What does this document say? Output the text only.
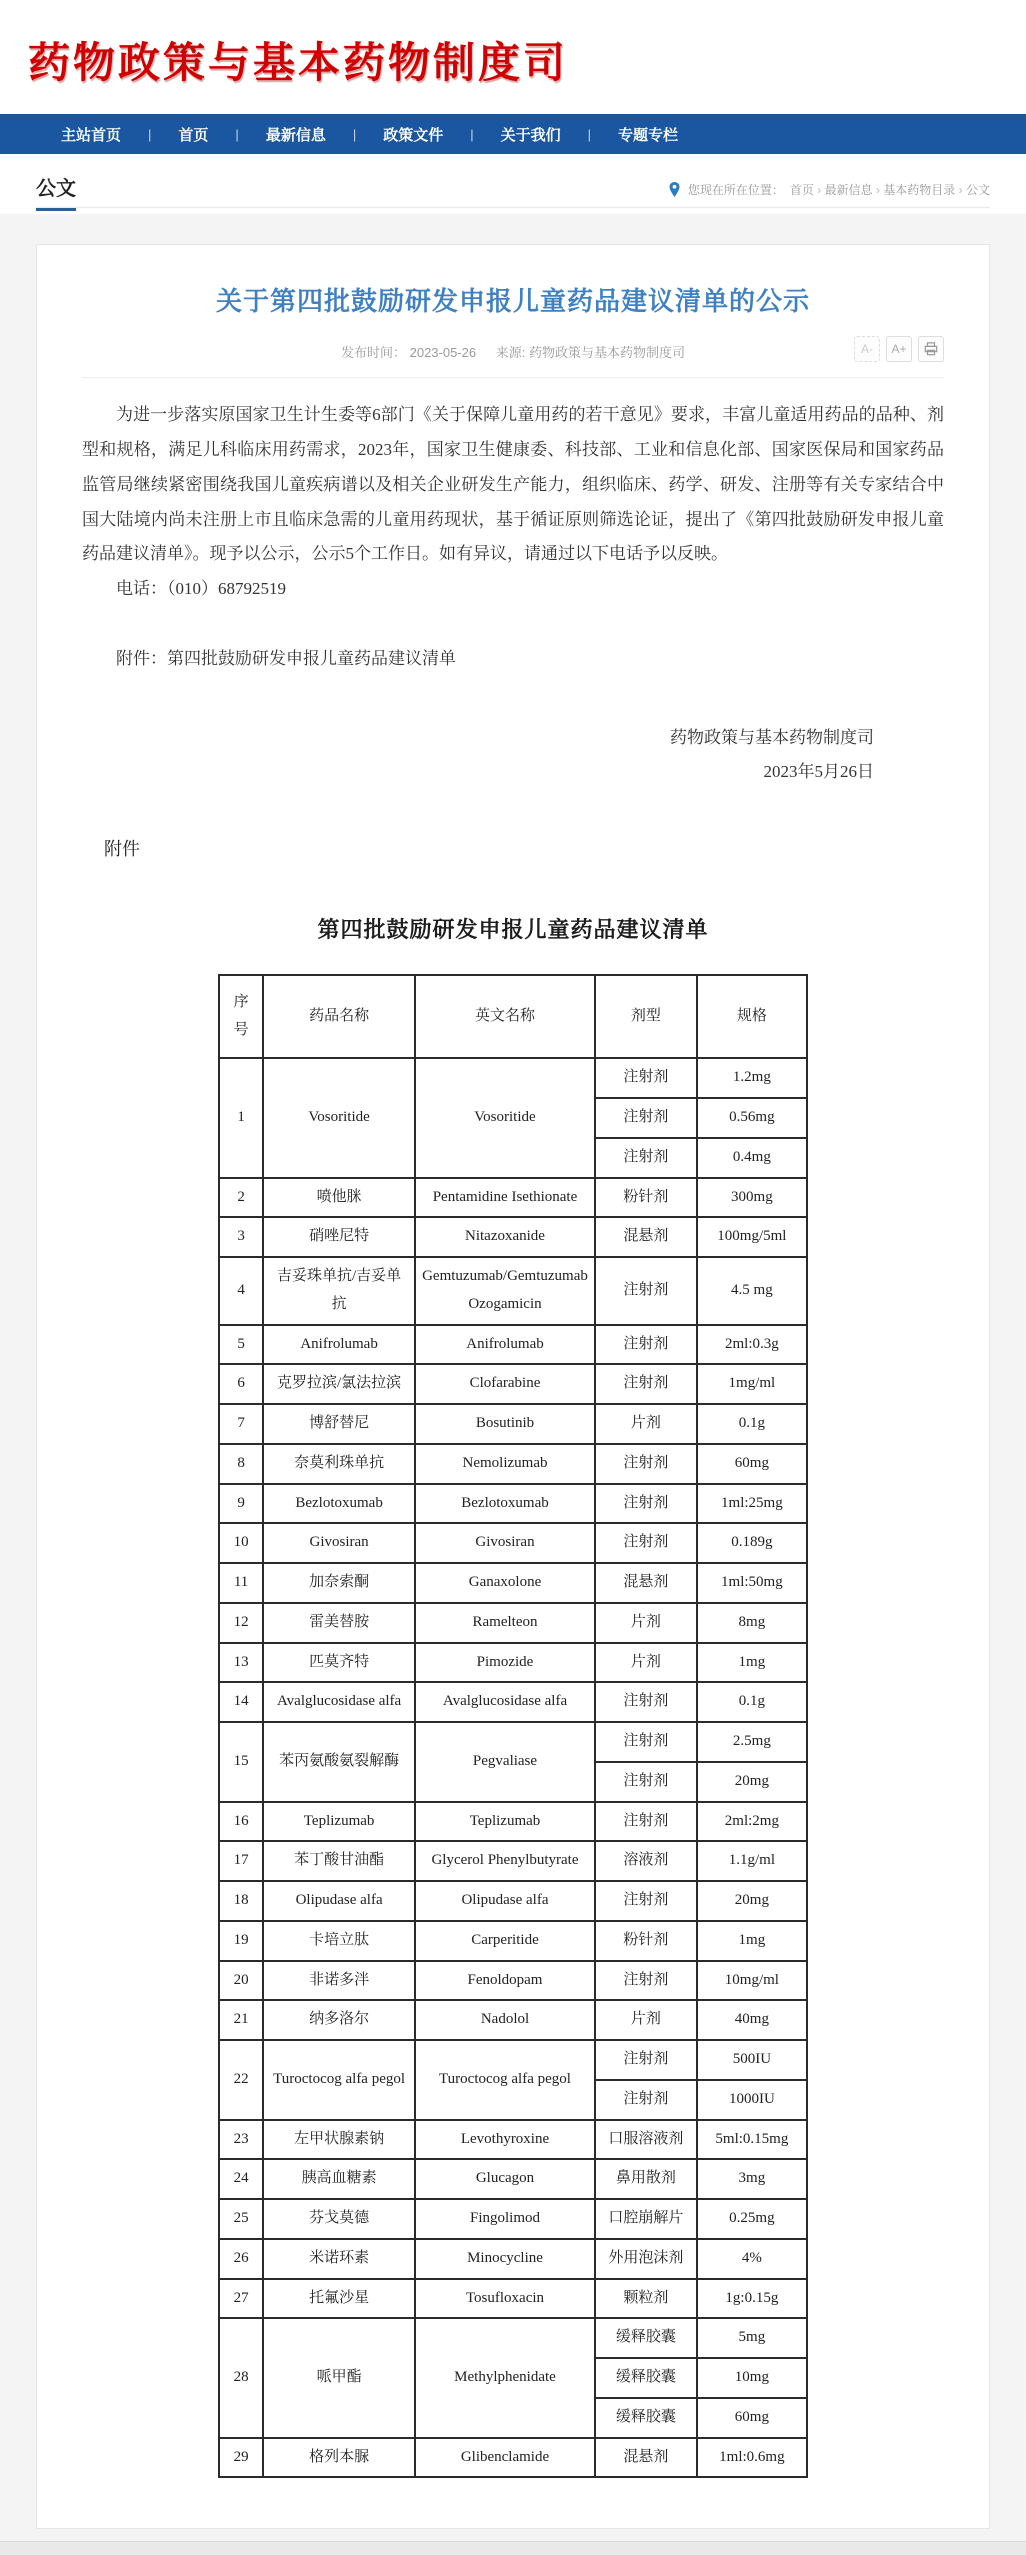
药物政策与基本药物制度司
主站首页	|	首页	|	最新信息	|	政策文件	|	关于我们	|	专题专栏
公文	您现在所在位置： 首页 › 最新信息 › 基本药物目录 › 公文
关于第四批鼓励研发申报儿童药品建议清单的公示
发布时间： 2023-05-26 来源: 药物政策与基本药物制度司	A-	A+

为进一步落实原国家卫生计生委等6部门《关于保障儿童用药的若干意见》要求，丰富儿童适用药品的品种、剂型和规格，满足儿科临床用药需求，2023年，国家卫生健康委、科技部、工业和信息化部、国家医保局和国家药品监管局继续紧密围绕我国儿童疾病谱以及相关企业研发生产能力，组织临床、药学、研发、注册等有关专家结合中国大陆境内尚未注册上市且临床急需的儿童用药现状，基于循证原则筛选论证，提出了《第四批鼓励研发申报儿童药品建议清单》。现予以公示，公示5个工作日。如有异议，请通过以下电话予以反映。

电话：（010）68792519

附件：第四批鼓励研发申报儿童药品建议清单

药物政策与基本药物制度司
2023年5月26日
附件
第四批鼓励研发申报儿童药品建议清单
序号	药品名称	英文名称	剂型	规格
1	Vosoritide	Vosoritide	注射剂	1.2mg
			注射剂	0.56mg
			注射剂	0.4mg
2	喷他脒	Pentamidine Isethionate	粉针剂	300mg
3	硝唑尼特	Nitazoxanide	混悬剂	100mg/5ml
4	吉妥珠单抗/吉妥单抗	Gemtuzumab/Gemtuzumab Ozogamicin	注射剂	4.5 mg
5	Anifrolumab	Anifrolumab	注射剂	2ml:0.3g
6	克罗拉滨/氯法拉滨	Clofarabine	注射剂	1mg/ml
7	博舒替尼	Bosutinib	片剂	0.1g
8	奈莫利珠单抗	Nemolizumab	注射剂	60mg
9	Bezlotoxumab	Bezlotoxumab	注射剂	1ml:25mg
10	Givosiran	Givosiran	注射剂	0.189g
11	加奈索酮	Ganaxolone	混悬剂	1ml:50mg
12	雷美替胺	Ramelteon	片剂	8mg
13	匹莫齐特	Pimozide	片剂	1mg
14	Avalglucosidase alfa	Avalglucosidase alfa	注射剂	0.1g
15	苯丙氨酸氨裂解酶	Pegvaliase	注射剂	2.5mg
			注射剂	20mg
16	Teplizumab	Teplizumab	注射剂	2ml:2mg
17	苯丁酸甘油酯	Glycerol Phenylbutyrate	溶液剂	1.1g/ml
18	Olipudase alfa	Olipudase alfa	注射剂	20mg
19	卡培立肽	Carperitide	粉针剂	1mg
20	非诺多泮	Fenoldopam	注射剂	10mg/ml
21	纳多洛尔	Nadolol	片剂	40mg
22	Turoctocog alfa pegol	Turoctocog alfa pegol	注射剂	500IU
			注射剂	1000IU
23	左甲状腺素钠	Levothyroxine	口服溶液剂	5ml:0.15mg
24	胰高血糖素	Glucagon	鼻用散剂	3mg
25	芬戈莫德	Fingolimod	口腔崩解片	0.25mg
26	米诺环素	Minocycline	外用泡沫剂	4%
27	托氟沙星	Tosufloxacin	颗粒剂	1g:0.15g
28	哌甲酯	Methylphenidate	缓释胶囊	5mg
			缓释胶囊	10mg
			缓释胶囊	60mg
29	格列本脲	Glibenclamide	混悬剂	1ml:0.6mg
